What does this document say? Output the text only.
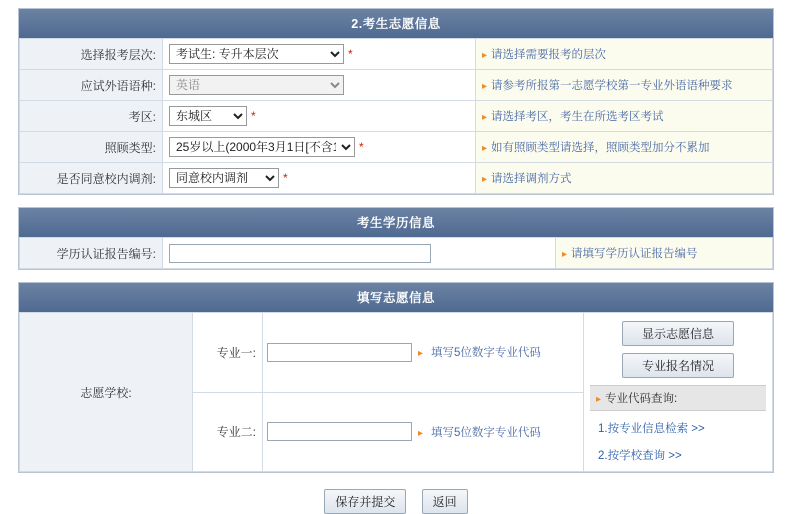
2.考生志愿信息
选择报考层次:	
考试生: 专升本层次*	▸ 请选择需要报考的层次
应试外语语种:	
英语	▸ 请参考所报第一志愿学校第一专业外语语种要求
考区:	
东城区*	▸ 请选择考区，考生在所选考区考试
照顾类型:	
25岁以上(2000年3月1日[不含1日]前出生)*	▸ 如有照顾类型请选择，照顾类型加分不累加
是否同意校内调剂:	
同意校内调剂*	▸ 请选择调剂方式
考生学历信息
学历认证报告编号:		▸ 请填写学历认证报告编号
填写志愿信息
志愿学校:	专业一:	▸ 填写5位数字专业代码	显示志愿信息
专业报名情况
▸ 专业代码查询:
1.按专业信息检索 >>
2.按学校查询 >>

	专业二:	▸ 填写5位数字专业代码	
保存并提交	返回
